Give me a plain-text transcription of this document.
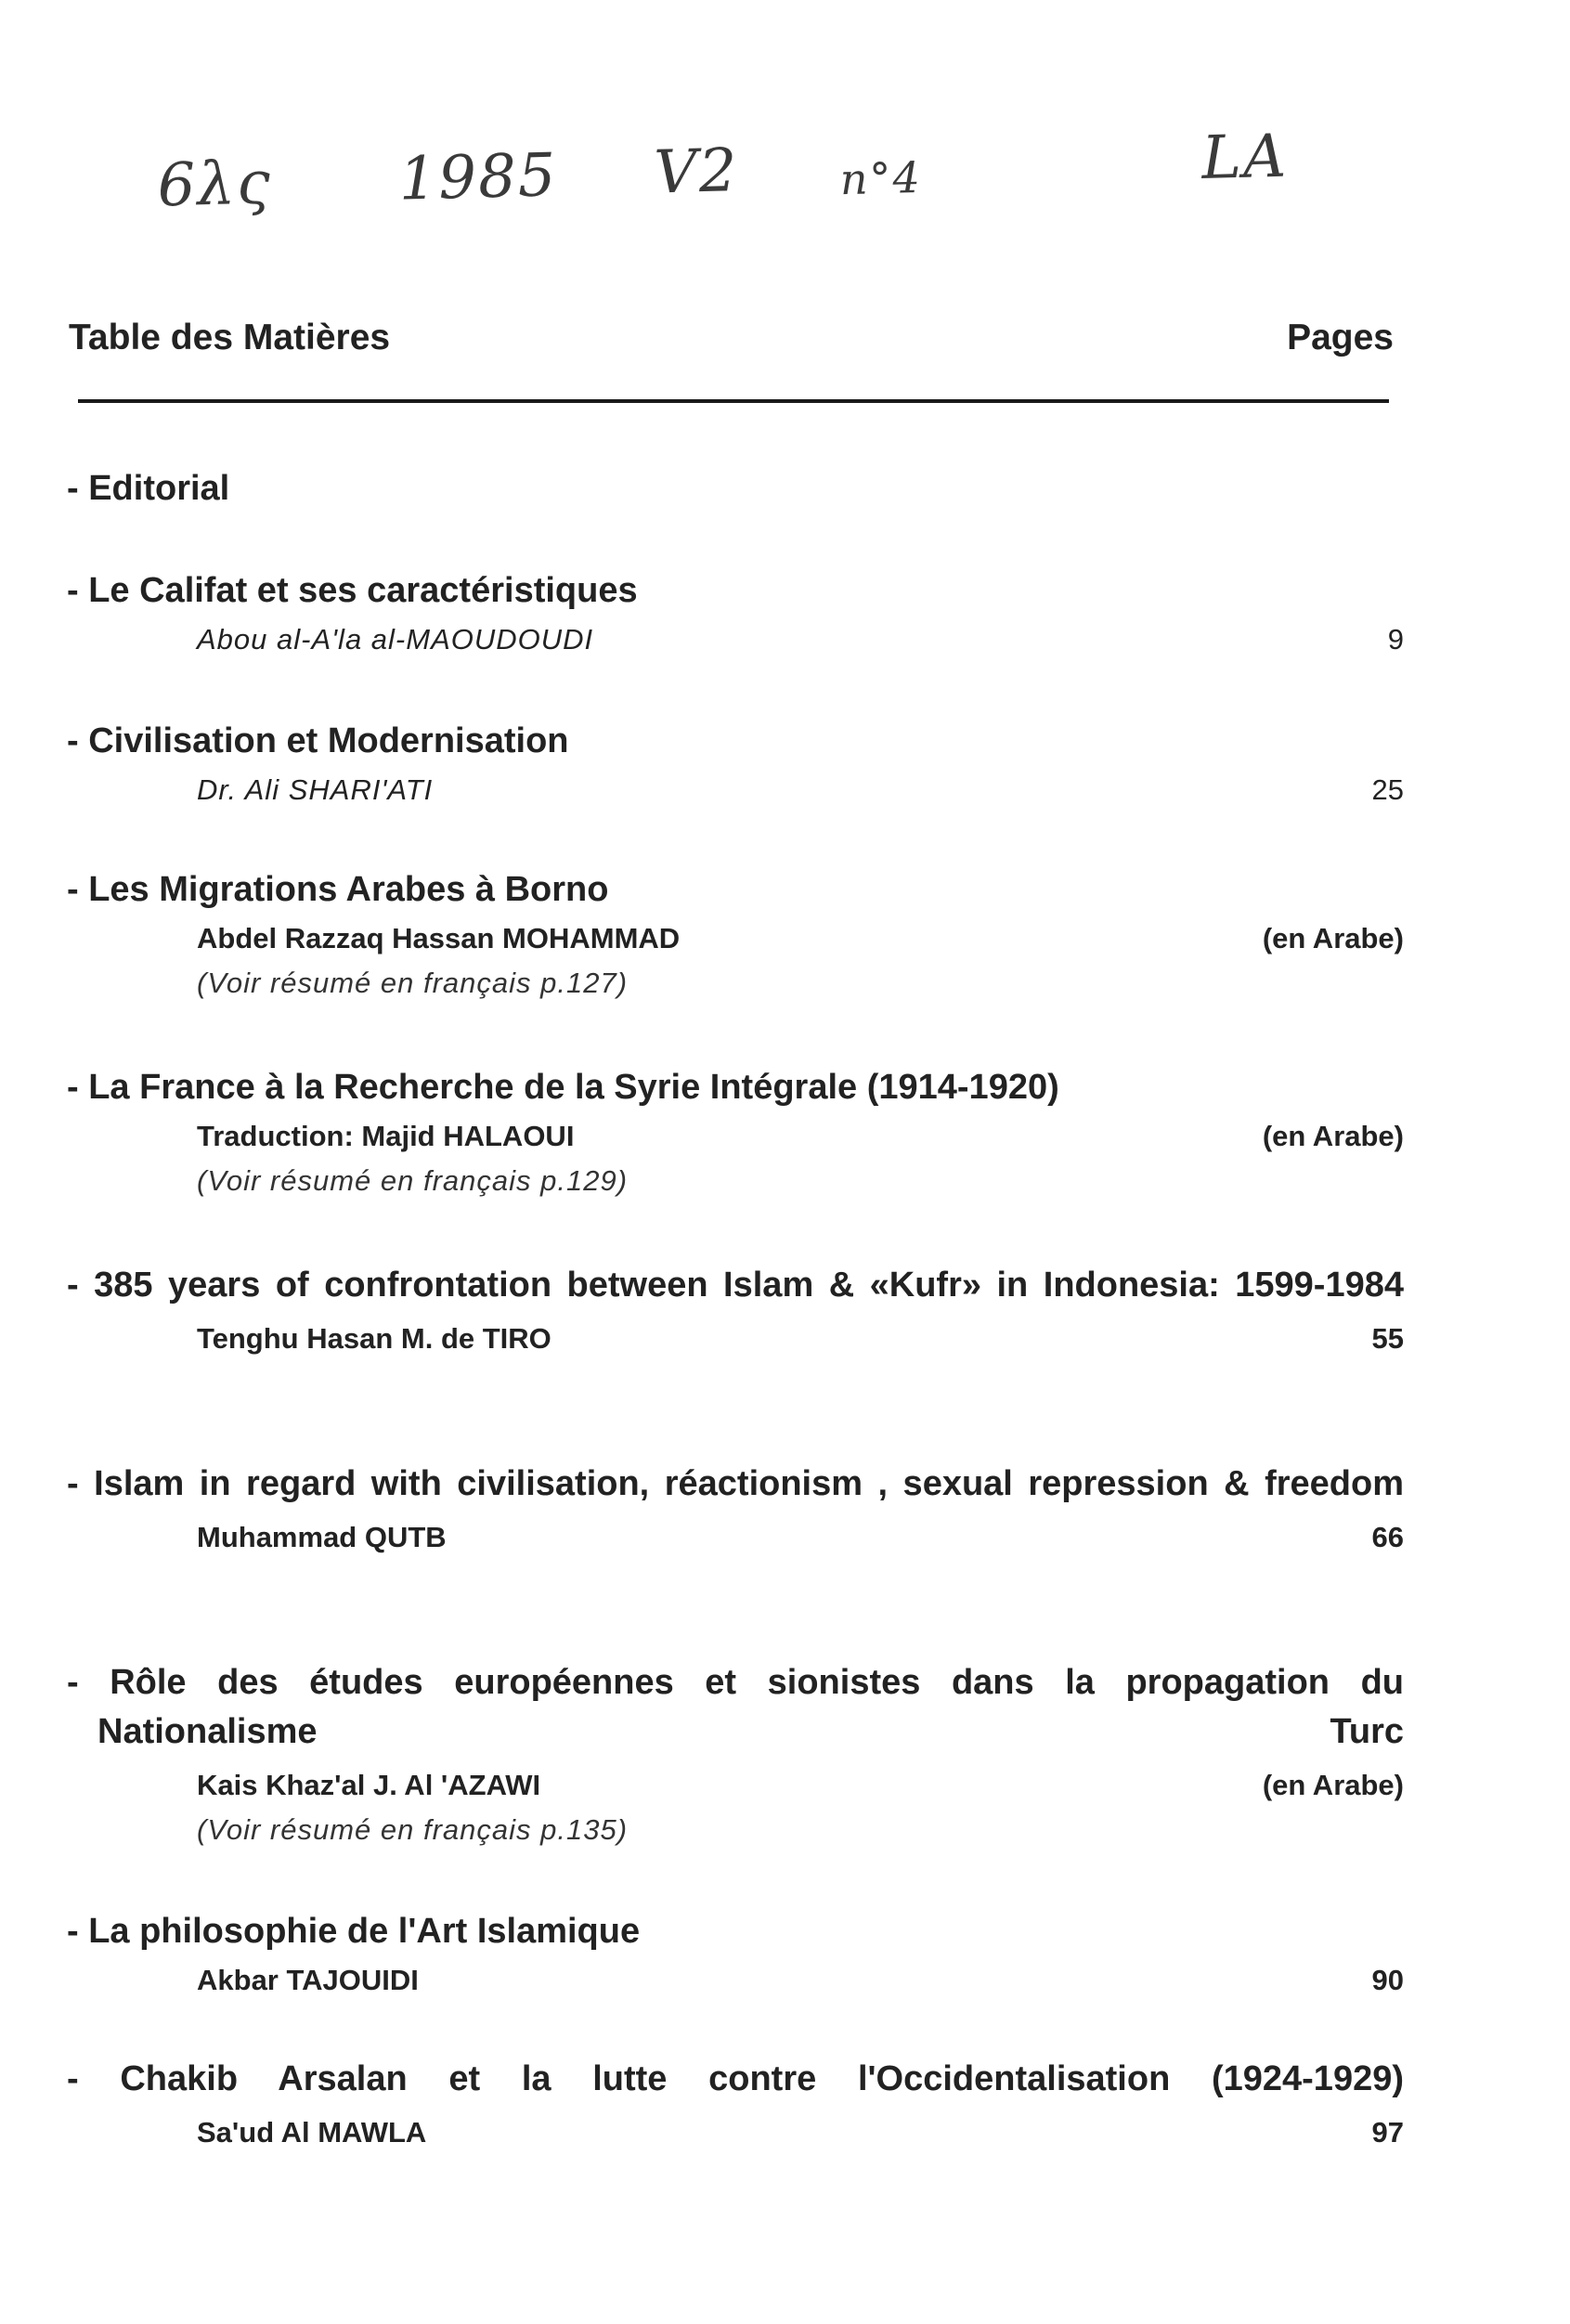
6λς 1985 V2 n°4	LA
Table des Matières	Pages

- Editorial

- Le Califat et ses caractéristiques

Abou al-A'la al-MAOUDOUDI	9

- Civilisation et Modernisation

Dr. Ali SHARI'ATI	25

- Les Migrations Arabes à Borno

Abdel Razzaq Hassan MOHAMMAD	(en Arabe)
(Voir résumé en français p.127)

- La France à la Recherche de la Syrie Intégrale (1914-1920)

Traduction: Majid HALAOUI	(en Arabe)
(Voir résumé en français p.129)

- 385 years of confrontation between Islam & «Kufr» in Indonesia: 1599-1984

Tenghu Hasan M. de TIRO	55

- Islam in regard with civilisation, réactionism , sexual repression & freedom

Muhammad QUTB	66

- Rôle des études européennes et sionistes dans la propagation du Nationalisme Turc

Kais Khaz'al J. Al 'AZAWI	(en Arabe)
(Voir résumé en français p.135)

- La philosophie de l'Art Islamique

Akbar TAJOUIDI	90

- Chakib Arsalan et la lutte contre l'Occidentalisation (1924-1929)

Sa'ud Al MAWLA	97
